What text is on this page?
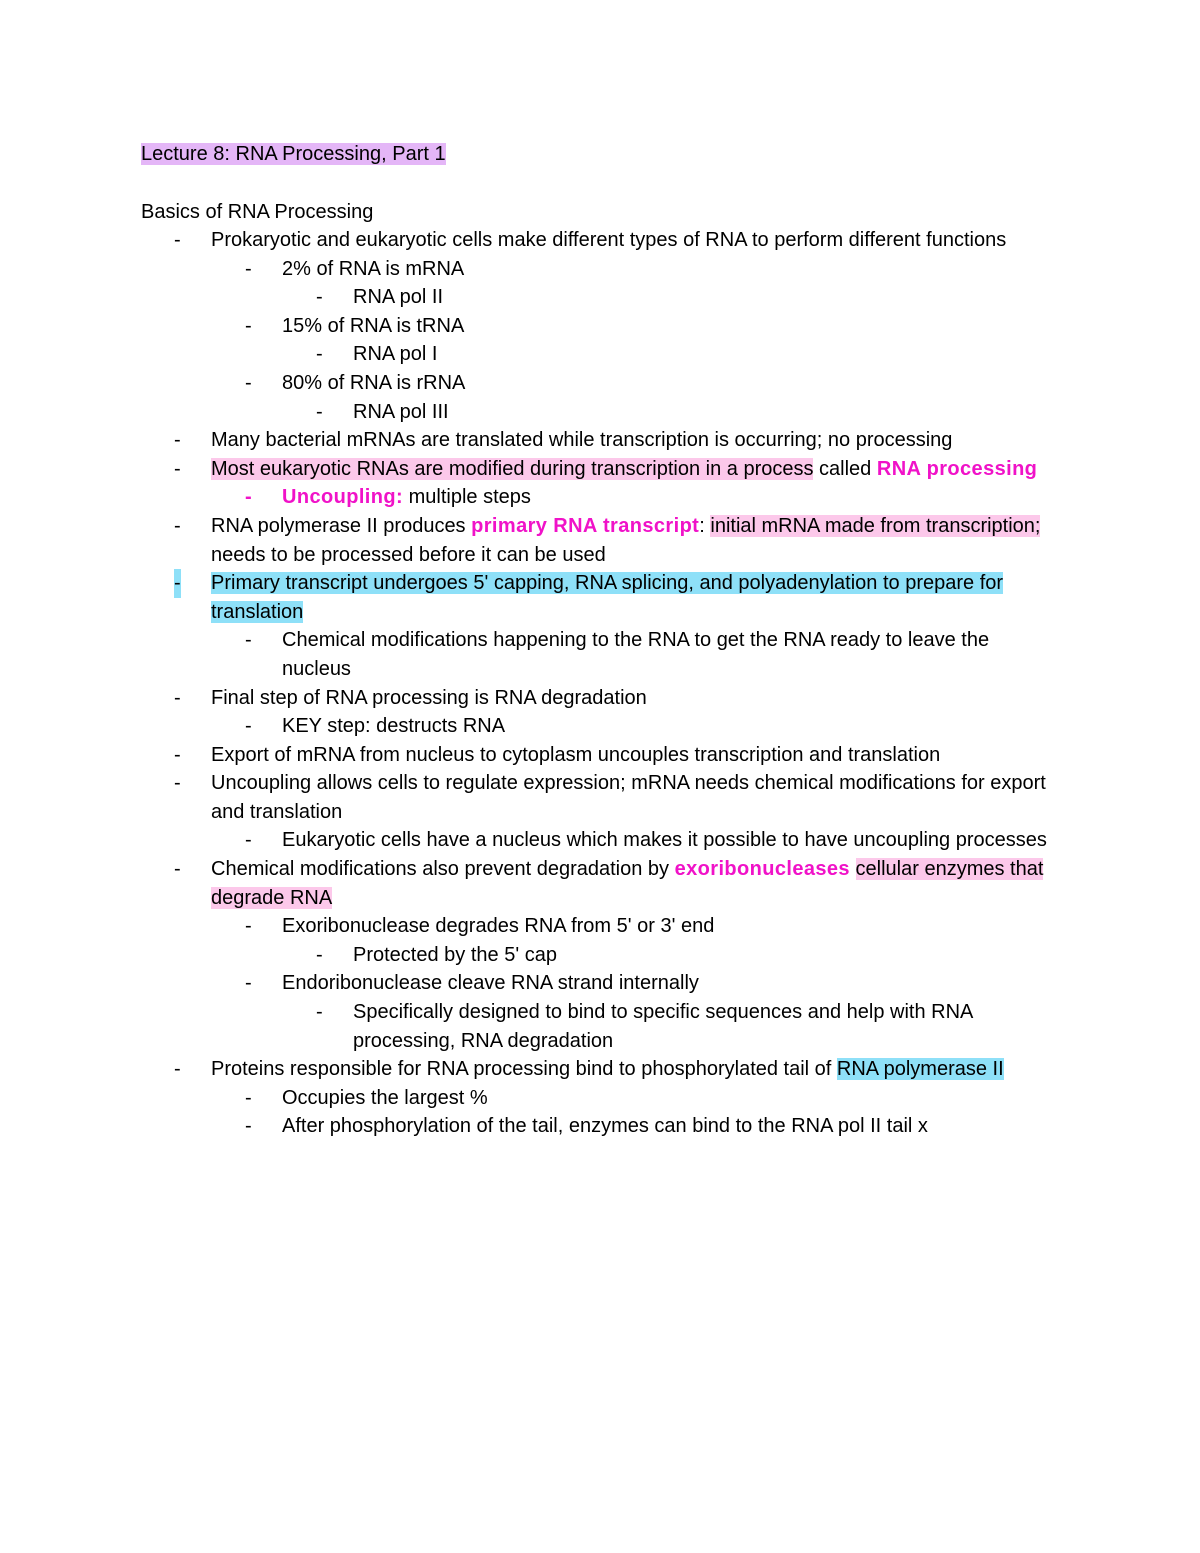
Lecture 8: RNA Processing, Part 1
Basics of RNA Processing
- Prokaryotic and eukaryotic cells make different types of RNA to perform different functions
- 2% of RNA is mRNA
- RNA pol II
- 15% of RNA is tRNA
- RNA pol I
- 80% of RNA is rRNA
- RNA pol III
- Many bacterial mRNAs are translated while transcription is occurring; no processing
- Most eukaryotic RNAs are modified during transcription in a process called RNA processing
- Uncoupling: multiple steps
- RNA polymerase II produces primary RNA transcript: initial mRNA made from transcription; needs to be processed before it can be used
- Primary transcript undergoes 5' capping, RNA splicing, and polyadenylation to prepare for translation
- Chemical modifications happening to the RNA to get the RNA ready to leave the nucleus
- Final step of RNA processing is RNA degradation
- KEY step: destructs RNA
- Export of mRNA from nucleus to cytoplasm uncouples transcription and translation
- Uncoupling allows cells to regulate expression; mRNA needs chemical modifications for export and translation
- Eukaryotic cells have a nucleus which makes it possible to have uncoupling processes
- Chemical modifications also prevent degradation by exoribonucleases cellular enzymes that degrade RNA
- Exoribonuclease degrades RNA from 5' or 3' end
- Protected by the 5' cap
- Endoribonuclease cleave RNA strand internally
- Specifically designed to bind to specific sequences and help with RNA processing, RNA degradation
- Proteins responsible for RNA processing bind to phosphorylated tail of RNA polymerase II
- Occupies the largest %
- After phosphorylation of the tail, enzymes can bind to the RNA pol II tail x
